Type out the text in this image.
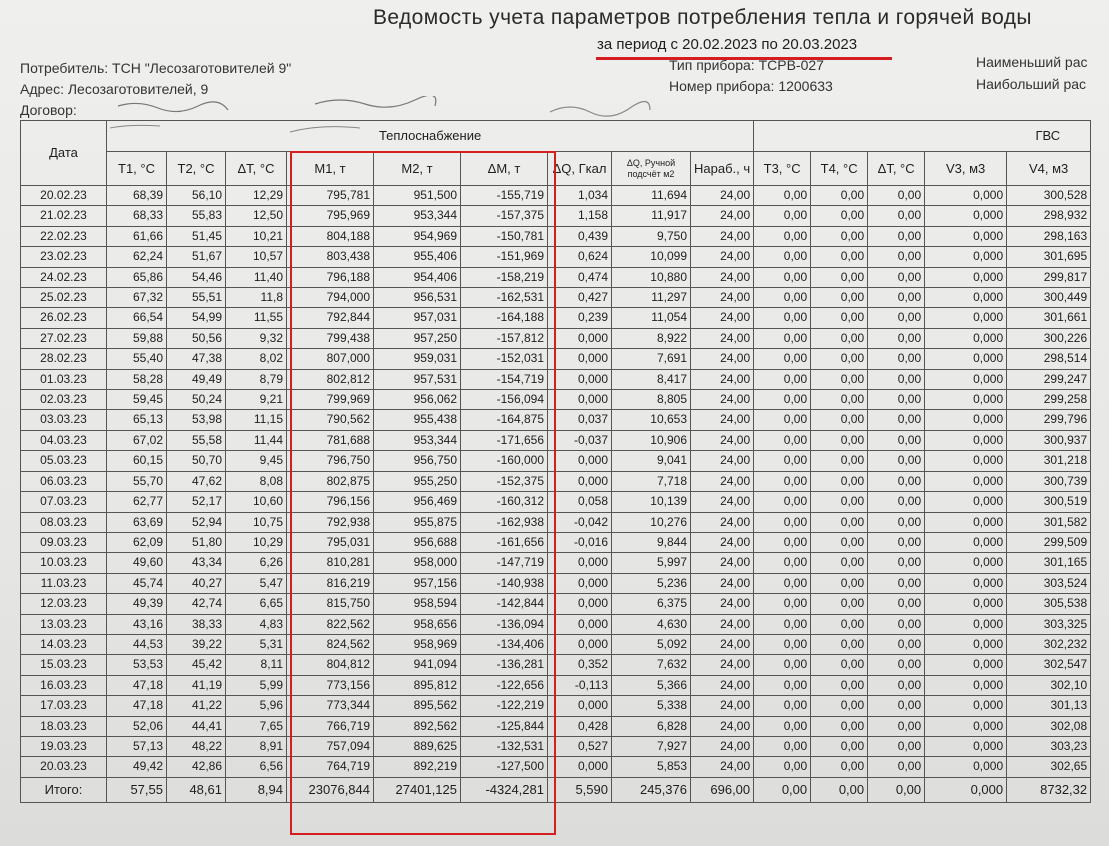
Ведомость учета параметров потребления тепла и горячей воды
за период с 20.02.2023 по 20.03.2023
Потребитель: ТСН "Лесозаготовителей 9"
Адрес: Лесозаготовителей, 9
Договор:
Тип прибора: ТСРВ-027
Номер прибора: 1200633
Наименьший рас
Наибольший рас
Дата	Теплоснабжение									ГВС				
	T1, °C	T2, °C	ΔT, °C	M1, т	M2, т	ΔM, т	ΔQ, Гкал	ΔQ, Ручной подсчёт м2	Нараб., ч	T3, °C	T4, °C	ΔT, °C	V3, м3	V4, м3
20.02.23	68,39	56,10	12,29	795,781	951,500	-155,719	1,034	11,694	24,00	0,00	0,00	0,00	0,000	300,528
21.02.23	68,33	55,83	12,50	795,969	953,344	-157,375	1,158	11,917	24,00	0,00	0,00	0,00	0,000	298,932
22.02.23	61,66	51,45	10,21	804,188	954,969	-150,781	0,439	9,750	24,00	0,00	0,00	0,00	0,000	298,163
23.02.23	62,24	51,67	10,57	803,438	955,406	-151,969	0,624	10,099	24,00	0,00	0,00	0,00	0,000	301,695
24.02.23	65,86	54,46	11,40	796,188	954,406	-158,219	0,474	10,880	24,00	0,00	0,00	0,00	0,000	299,817
25.02.23	67,32	55,51	11,8	794,000	956,531	-162,531	0,427	11,297	24,00	0,00	0,00	0,00	0,000	300,449
26.02.23	66,54	54,99	11,55	792,844	957,031	-164,188	0,239	11,054	24,00	0,00	0,00	0,00	0,000	301,661
27.02.23	59,88	50,56	9,32	799,438	957,250	-157,812	0,000	8,922	24,00	0,00	0,00	0,00	0,000	300,226
28.02.23	55,40	47,38	8,02	807,000	959,031	-152,031	0,000	7,691	24,00	0,00	0,00	0,00	0,000	298,514
01.03.23	58,28	49,49	8,79	802,812	957,531	-154,719	0,000	8,417	24,00	0,00	0,00	0,00	0,000	299,247
02.03.23	59,45	50,24	9,21	799,969	956,062	-156,094	0,000	8,805	24,00	0,00	0,00	0,00	0,000	299,258
03.03.23	65,13	53,98	11,15	790,562	955,438	-164,875	0,037	10,653	24,00	0,00	0,00	0,00	0,000	299,796
04.03.23	67,02	55,58	11,44	781,688	953,344	-171,656	-0,037	10,906	24,00	0,00	0,00	0,00	0,000	300,937
05.03.23	60,15	50,70	9,45	796,750	956,750	-160,000	0,000	9,041	24,00	0,00	0,00	0,00	0,000	301,218
06.03.23	55,70	47,62	8,08	802,875	955,250	-152,375	0,000	7,718	24,00	0,00	0,00	0,00	0,000	300,739
07.03.23	62,77	52,17	10,60	796,156	956,469	-160,312	0,058	10,139	24,00	0,00	0,00	0,00	0,000	300,519
08.03.23	63,69	52,94	10,75	792,938	955,875	-162,938	-0,042	10,276	24,00	0,00	0,00	0,00	0,000	301,582
09.03.23	62,09	51,80	10,29	795,031	956,688	-161,656	-0,016	9,844	24,00	0,00	0,00	0,00	0,000	299,509
10.03.23	49,60	43,34	6,26	810,281	958,000	-147,719	0,000	5,997	24,00	0,00	0,00	0,00	0,000	301,165
11.03.23	45,74	40,27	5,47	816,219	957,156	-140,938	0,000	5,236	24,00	0,00	0,00	0,00	0,000	303,524
12.03.23	49,39	42,74	6,65	815,750	958,594	-142,844	0,000	6,375	24,00	0,00	0,00	0,00	0,000	305,538
13.03.23	43,16	38,33	4,83	822,562	958,656	-136,094	0,000	4,630	24,00	0,00	0,00	0,00	0,000	303,325
14.03.23	44,53	39,22	5,31	824,562	958,969	-134,406	0,000	5,092	24,00	0,00	0,00	0,00	0,000	302,232
15.03.23	53,53	45,42	8,11	804,812	941,094	-136,281	0,352	7,632	24,00	0,00	0,00	0,00	0,000	302,547
16.03.23	47,18	41,19	5,99	773,156	895,812	-122,656	-0,113	5,366	24,00	0,00	0,00	0,00	0,000	302,10
17.03.23	47,18	41,22	5,96	773,344	895,562	-122,219	0,000	5,338	24,00	0,00	0,00	0,00	0,000	301,13
18.03.23	52,06	44,41	7,65	766,719	892,562	-125,844	0,428	6,828	24,00	0,00	0,00	0,00	0,000	302,08
19.03.23	57,13	48,22	8,91	757,094	889,625	-132,531	0,527	7,927	24,00	0,00	0,00	0,00	0,000	303,23
20.03.23	49,42	42,86	6,56	764,719	892,219	-127,500	0,000	5,853	24,00	0,00	0,00	0,00	0,000	302,65
Итого:	57,55	48,61	8,94	23076,844	27401,125	-4324,281	5,590	245,376	696,00	0,00	0,00	0,00	0,000	8732,32
